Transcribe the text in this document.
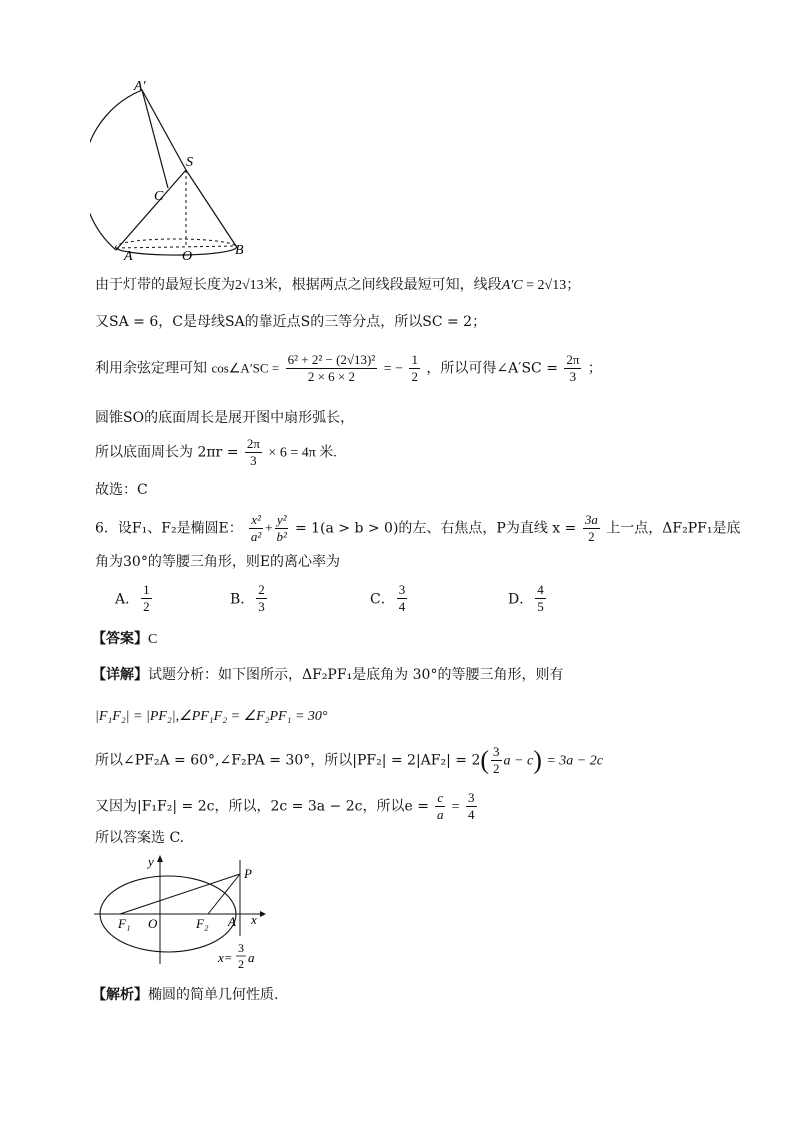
A′
S
C
A	O	B
由于灯带的最短长度为2√13米，根据两点之间线段最短可知，线段A′C = 2√13；
又SA = 6，C是母线SA的靠近点S的三等分点，所以SC = 2；
利用余弦定理可知 cos∠A′SC = $\frac{\text{6² + 2² − (2√13)²}}{2 \times 6 \times 2}$ = − $\frac{1}{2}$ ，所以可得∠A′SC = $\frac{2\pi}{3}$ ；
圆锥SO的底面周长是展开图中扇形弧长，
所以底面周长为 $2\pi r = \frac{2\pi}{3} \times 6 = 4\pi$ 米.
故选：C
6．设F₁、F₂是椭圆E： $\frac{\text{x²}}{\text{a²}} + \frac{\text{y²}}{\text{b²}} = 1(a > b > 0)$的左、右焦点，P为直线 $x = \frac{3a}{2}$ 上一点，ΔF₂PF₁是底
角为30°的等腰三角形，则E的离心率为
A． $\frac{1}{2}$	B． $\frac{2}{3}$	C． $\frac{3}{4}$	D． $\frac{4}{5}$
【答案】C
【详解】试题分析：如下图所示，ΔF₂PF₁是底角为 30°的等腰三角形，则有
|F₁F₂| = |PF₂|,∠PF₁F₂ = ∠F₂PF₁ = 30°
所以∠PF₂A = 60°,∠F₂PA = 30°，所以$|PF_2| = 2|AF_2| = 2( \frac{3}{2}$ a − c) = 3a − 2c
又因为|F₁F₂| = 2c，所以，2c = 3a − 2c，所以$e = \frac{c}{a} = \frac{3}{4}$
所以答案选 C.
y
P
F₁ O	F₂ A x
x=
3
2 a
【解析】椭圆的简单几何性质.
